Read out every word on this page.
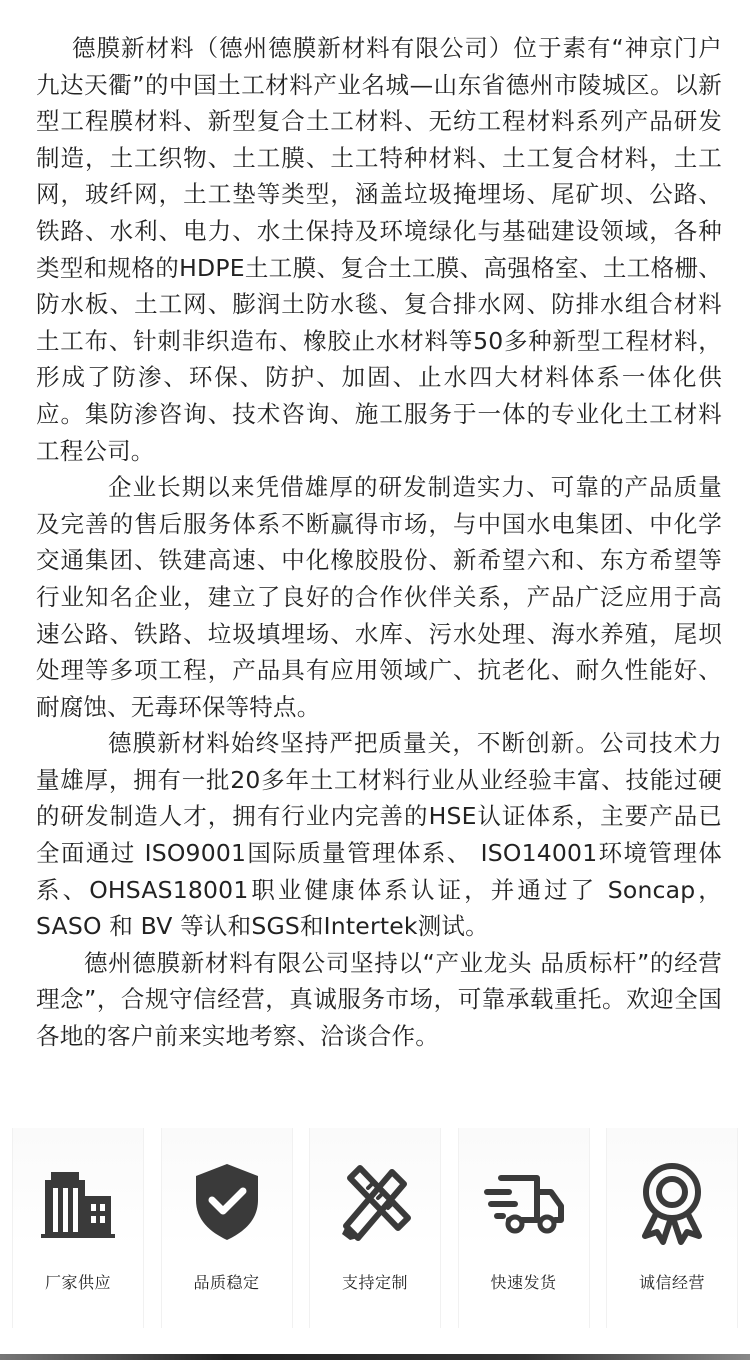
德膜新材料（德州德膜新材料有限公司）位于素有“神京门户九达天衢”的中国土工材料产业名城—山东省德州市陵城区。以新型工程膜材料、新型复合土工材料、无纺工程材料系列产品研发制造，土工织物、土工膜、土工特种材料、土工复合材料，土工网，玻纤网，土工垫等类型，涵盖垃圾掩埋场、尾矿坝、公路、铁路、水利、电力、水土保持及环境绿化与基础建设领域，各种类型和规格的HDPE土工膜、复合土工膜、高强格室、土工格栅、防水板、土工网、膨润土防水毯、复合排水网、防排水组合材料土工布、针刺非织造布、橡胶止水材料等50多种新型工程材料，形成了防渗、环保、防护、加固、止水四大材料体系一体化供应。集防渗咨询、技术咨询、施工服务于一体的专业化土工材料工程公司。

企业长期以来凭借雄厚的研发制造实力、可靠的产品质量及完善的售后服务体系不断赢得市场，与中国水电集团、中化学交通集团、铁建高速、中化橡胶股份、新希望六和、东方希望等行业知名企业，建立了良好的合作伙伴关系，产品广泛应用于高速公路、铁路、垃圾填埋场、水库、污水处理、海水养殖，尾坝处理等多项工程，产品具有应用领域广、抗老化、耐久性能好、耐腐蚀、无毒环保等特点。

德膜新材料始终坚持严把质量关，不断创新。公司技术力量雄厚，拥有一批20多年土工材料行业从业经验丰富、技能过硬的研发制造人才，拥有行业内完善的HSE认证体系，主要产品已全面通过 ISO9001国际质量管理体系、 ISO14001环境管理体系、OHSAS18001职业健康体系认证，并通过了 Soncap，SASO 和 BV 等认和SGS和Intertek测试。

德州德膜新材料有限公司坚持以“产业龙头 品质标杆”的经营理念”，合规守信经营，真诚服务市场，可靠承载重托。欢迎全国各地的客户前来实地考察、洽谈合作。

厂家供应	品质稳定	支持定制	快速发货	诚信经营
